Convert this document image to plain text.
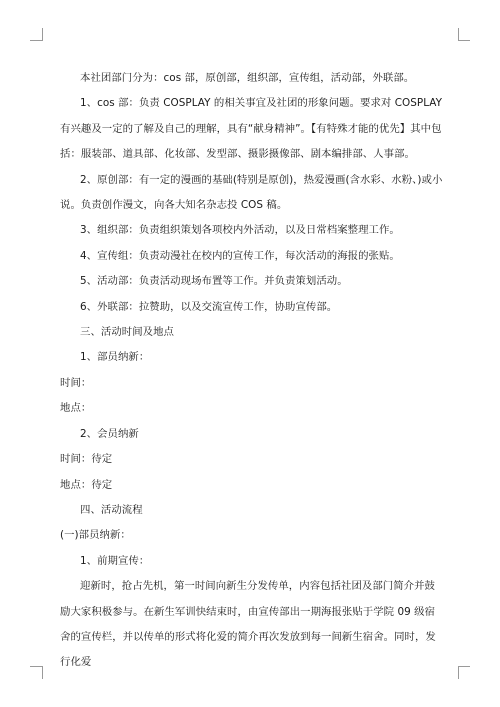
本社团部门分为：cos 部，原创部，组织部，宣传组，活动部，外联部。

1、cos 部：负责 COSPLAY 的相关事宜及社团的形象问题。要求对 COSPLAY 有兴趣及一定的了解及自己的理解，具有“献身精神”。【有特殊才能的优先】其中包括：服装部、道具部、化妆部、发型部、摄影摄像部、剧本编排部、人事部。

2、原创部：有一定的漫画的基础(特别是原创)，热爱漫画(含水彩、水粉、)或小说。负责创作漫文，向各大知名杂志投 COS 稿。

3、组织部：负责组织策划各项校内外活动，以及日常档案整理工作。

4、宣传组：负责动漫社在校内的宣传工作，每次活动的海报的张贴。

5、活动部：负责活动现场布置等工作。并负责策划活动。

6、外联部：拉赞助，以及交流宣传工作，协助宣传部。

三、活动时间及地点

1、部员纳新：

时间：

地点：

2、会员纳新

时间：待定

地点：待定

四、活动流程

(一)部员纳新：

1、前期宣传：

迎新时，抢占先机，第一时间向新生分发传单，内容包括社团及部门简介并鼓励大家积极参与。在新生军训快结束时，由宣传部出一期海报张贴于学院 09 级宿舍的宣传栏，并以传单的形式将化爱的简介再次发放到每一间新生宿舍。同时，发行化爱
